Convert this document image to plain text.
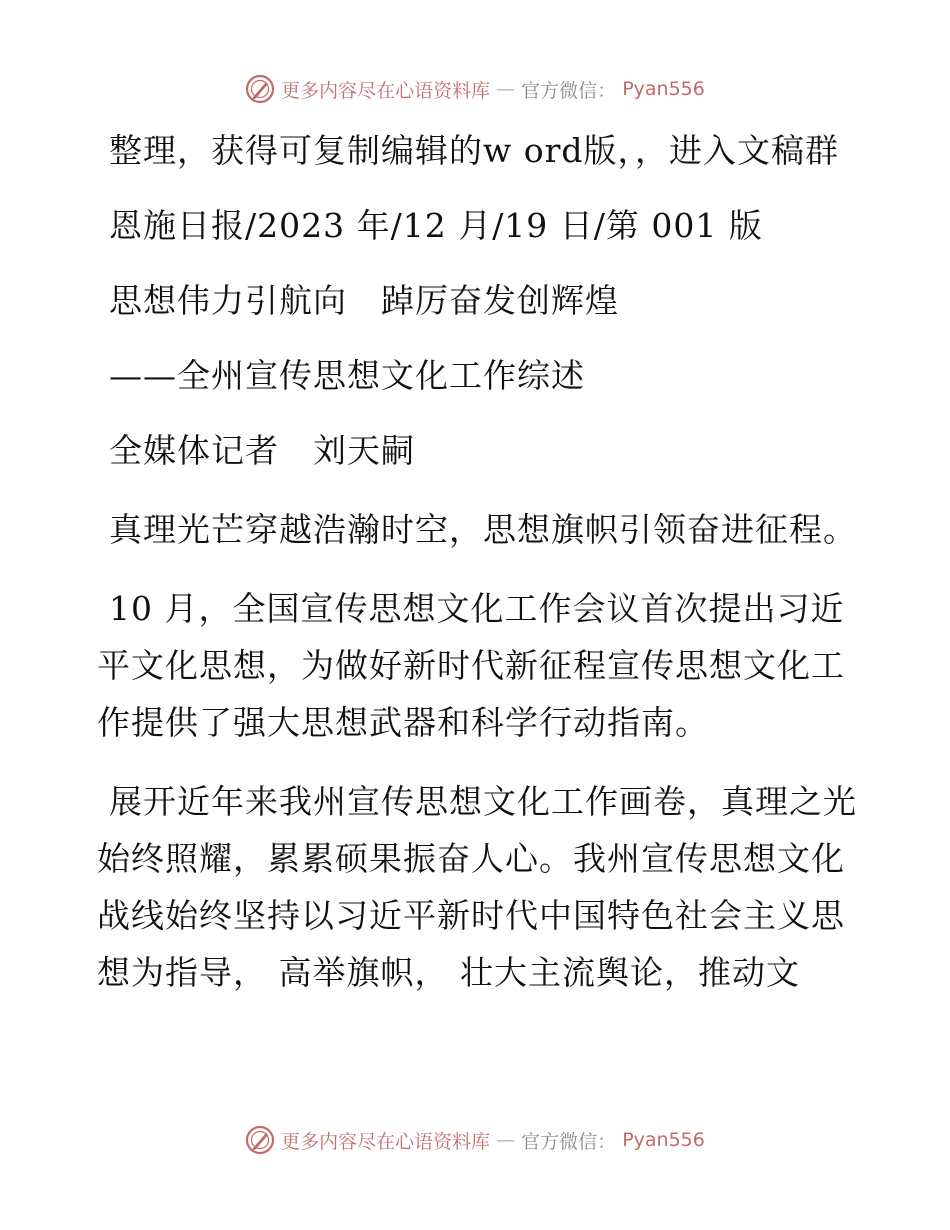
更多内容尽在心语资料库 — 官方微信： Pyan556

整理，获得可复制编辑的w ord版，，进入文稿群

恩施日报/2023 年/12 月/19 日/第 001 版

思想伟力引航向　踔厉奋发创辉煌

——全州宣传思想文化工作综述

全媒体记者　刘天嗣

真理光芒穿越浩瀚时空，思想旗帜引领奋进征程。

10 月，全国宣传思想文化工作会议首次提出习近平文化思想，为做好新时代新征程宣传思想文化工作提供了强大思想武器和科学行动指南。

展开近年来我州宣传思想文化工作画卷，真理之光始终照耀，累累硕果振奋人心。我州宣传思想文化战线始终坚持以习近平新时代中国特色社会主义思想为指导， 高举旗帜， 壮大主流舆论，推动文

更多内容尽在心语资料库 — 官方微信： Pyan556
